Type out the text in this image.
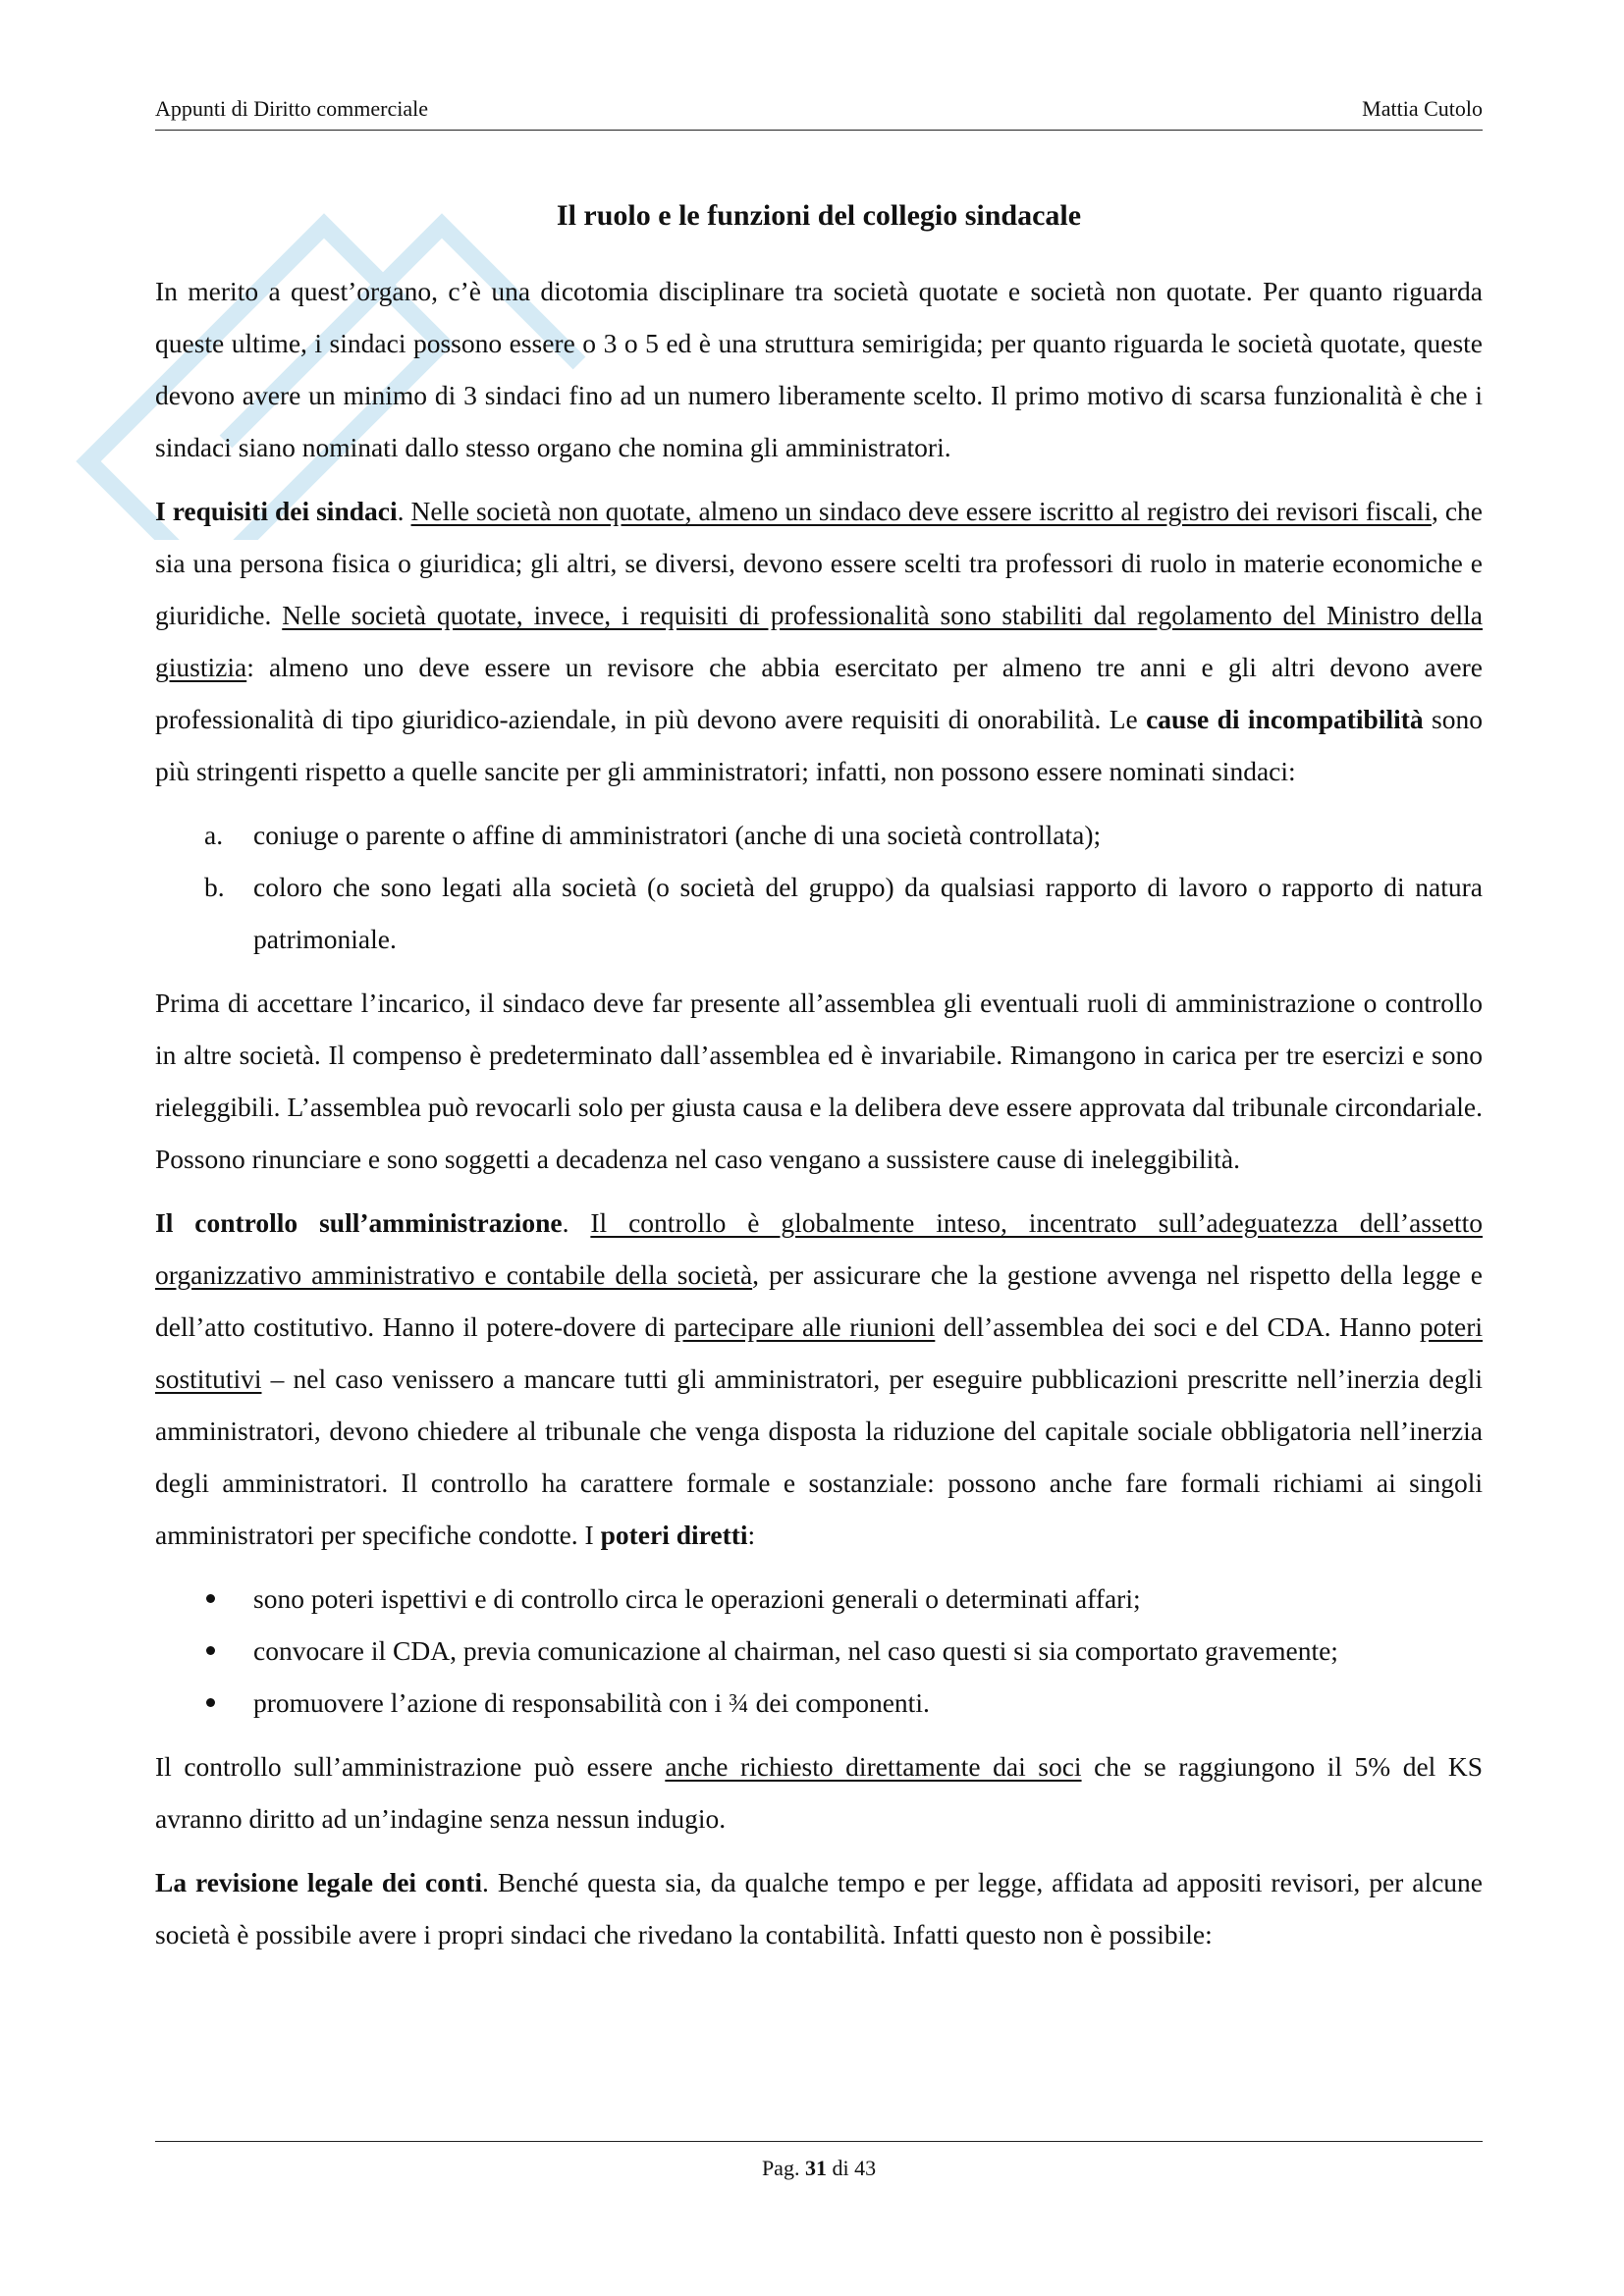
Appunti di Diritto commerciale	Mattia Cutolo
Il ruolo e le funzioni del collegio sindacale

In merito a quest’organo, c’è una dicotomia disciplinare tra società quotate e società non quotate. Per quanto riguarda queste ultime, i sindaci possono essere o 3 o 5 ed è una struttura semirigida; per quanto riguarda le società quotate, queste devono avere un minimo di 3 sindaci fino ad un numero liberamente scelto. Il primo motivo di scarsa funzionalità è che i sindaci siano nominati dallo stesso organo che nomina gli amministratori.

I requisiti dei sindaci. Nelle società non quotate, almeno un sindaco deve essere iscritto al registro dei revisori fiscali, che sia una persona fisica o giuridica; gli altri, se diversi, devono essere scelti tra professori di ruolo in materie economiche e giuridiche. Nelle società quotate, invece, i requisiti di professionalità sono stabiliti dal regolamento del Ministro della giustizia: almeno uno deve essere un revisore che abbia esercitato per almeno tre anni e gli altri devono avere professionalità di tipo giuridico-aziendale, in più devono avere requisiti di onorabilità. Le cause di incompatibilità sono più stringenti rispetto a quelle sancite per gli amministratori; infatti, non possono essere nominati sindaci:

a. coniuge o parente o affine di amministratori (anche di una società controllata);
b. coloro che sono legati alla società (o società del gruppo) da qualsiasi rapporto di lavoro o rapporto di natura patrimoniale.

Prima di accettare l’incarico, il sindaco deve far presente all’assemblea gli eventuali ruoli di amministrazione o controllo in altre società. Il compenso è predeterminato dall’assemblea ed è invariabile. Rimangono in carica per tre esercizi e sono rieleggibili. L’assemblea può revocarli solo per giusta causa e la delibera deve essere approvata dal tribunale circondariale. Possono rinunciare e sono soggetti a decadenza nel caso vengano a sussistere cause di ineleggibilità.

Il controllo sull’amministrazione. Il controllo è globalmente inteso, incentrato sull’adeguatezza dell’assetto organizzativo amministrativo e contabile della società, per assicurare che la gestione avvenga nel rispetto della legge e dell’atto costitutivo. Hanno il potere-dovere di partecipare alle riunioni dell’assemblea dei soci e del CDA. Hanno poteri sostitutivi – nel caso venissero a mancare tutti gli amministratori, per eseguire pubblicazioni prescritte nell’inerzia degli amministratori, devono chiedere al tribunale che venga disposta la riduzione del capitale sociale obbligatoria nell’inerzia degli amministratori. Il controllo ha carattere formale e sostanziale: possono anche fare formali richiami ai singoli amministratori per specifiche condotte. I poteri diretti:

sono poteri ispettivi e di controllo circa le operazioni generali o determinati affari;
convocare il CDA, previa comunicazione al chairman, nel caso questi si sia comportato gravemente;
promuovere l’azione di responsabilità con i ¾ dei componenti.

Il controllo sull’amministrazione può essere anche richiesto direttamente dai soci che se raggiungono il 5% del KS avranno diritto ad un’indagine senza nessun indugio.

La revisione legale dei conti. Benché questa sia, da qualche tempo e per legge, affidata ad appositi revisori, per alcune società è possibile avere i propri sindaci che rivedano la contabilità. Infatti questo non è possibile:

Pag. 31 di 43
